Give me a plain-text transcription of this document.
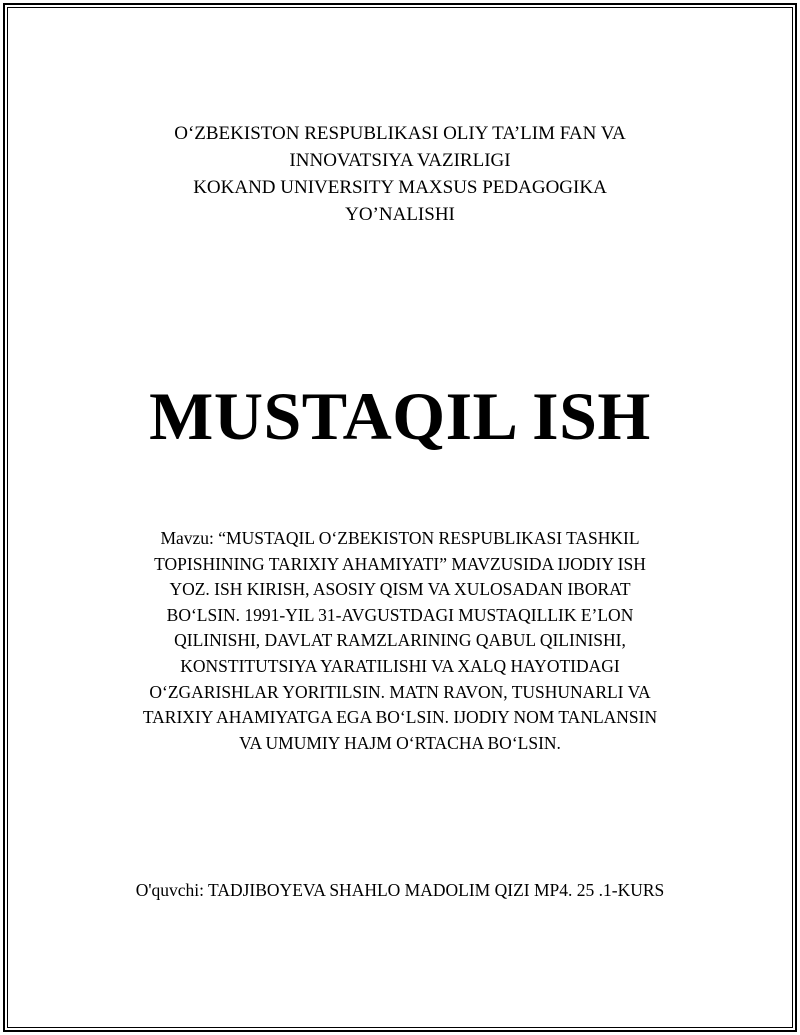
O‘ZBEKISTON RESPUBLIKASI OLIY TA’LIM FAN VA
INNOVATSIYA VAZIRLIGI
KOKAND UNIVERSITY MAXSUS PEDAGOGIKA
YO’NALISHI
MUSTAQIL ISH
Mavzu: “MUSTAQIL O‘ZBEKISTON RESPUBLIKASI TASHKIL
TOPISHINING TARIXIY AHAMIYATI” MAVZUSIDA IJODIY ISH
YOZ. ISH KIRISH, ASOSIY QISM VA XULOSADAN IBORAT
BO‘LSIN. 1991-YIL 31-AVGUSTDAGI MUSTAQILLIK E’LON
QILINISHI, DAVLAT RAMZLARINING QABUL QILINISHI,
KONSTITUTSIYA YARATILISHI VA XALQ HAYOTIDAGI
O‘ZGARISHLAR YORITILSIN. MATN RAVON, TUSHUNARLI VA
TARIXIY AHAMIYATGA EGA BO‘LSIN. IJODIY NOM TANLANSIN
VA UMUMIY HAJM O‘RTACHA BO‘LSIN.
O'quvchi: TADJIBOYEVA SHAHLO MADOLIM QIZI MP4. 25 .1-KURS
